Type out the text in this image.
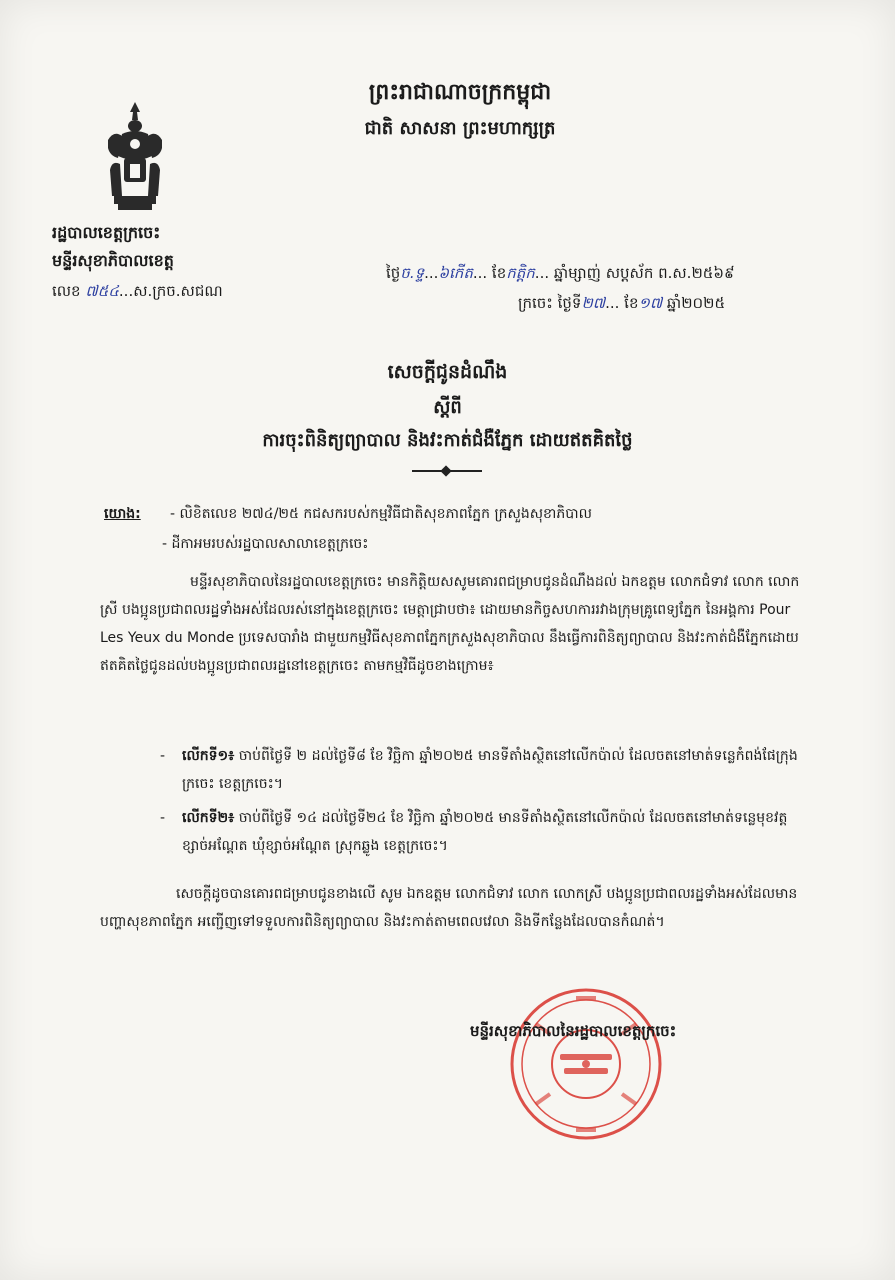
ព្រះរាជាណាចក្រកម្ពុជា
ជាតិ សាសនា ព្រះមហាក្សត្រ
រដ្ឋបាលខេត្តក្រចេះ
មន្ទីរសុខាភិបាលខេត្ត
លេខ ៧៥៤...ស.ក្រច.សជណ
ថ្ងៃច.ទ្ទ...៦កើត... ខែកត្ដិក... ឆ្នាំម្សាញ់ សប្តស័ក ព.ស.២៥៦៩
ក្រចេះ ថ្ងៃទី២៧... ខែ១៧ ឆ្នាំ២០២៥
សេចក្តីជូនដំណឹង
ស្តីពី
ការចុះពិនិត្យព្យាបាល និងវះកាត់ជំងឺភ្នែក ដោយឥតគិតថ្លៃ
យោង: - លិខិតលេខ ២៧៤/២៥ កជសករបស់កម្មវិធីជាតិសុខភាពភ្នែក ក្រសួងសុខាភិបាល
- ដីកាអមរបស់រដ្ឋបាលសាលាខេត្តក្រចេះ

មន្ទីរសុខាភិបាលនៃរដ្ឋបាលខេត្តក្រចេះ មានកិត្តិយសសូមគោរពជម្រាបជូនដំណឹងដល់ ឯកឧត្តម លោកជំទាវ លោក លោកស្រី បងប្អូនប្រជាពលរដ្ឋទាំងអស់ដែលរស់នៅក្នុងខេត្តក្រចេះ មេត្តាជ្រាបថា៖ ដោយមានកិច្ចសហការរវាងក្រុមគ្រូពេទ្យភ្នែក នៃអង្គការ Pour Les Yeux du Monde ប្រទេសបារាំង ជាមួយកម្មវិធីសុខភាពភ្នែកក្រសួងសុខាភិបាល នឹងធ្វើការពិនិត្យព្យាបាល និងវះកាត់ជំងឺភ្នែកដោយឥតគិតថ្លៃជូនដល់បងប្អូនប្រជាពលរដ្ឋនៅខេត្តក្រចេះ តាមកម្មវិធីដូចខាងក្រោម៖

- លើកទី១៖ ចាប់ពីថ្ងៃទី ២ ដល់ថ្ងៃទី៨ ខែ វិច្ឆិកា ឆ្នាំ២០២៥ មានទីតាំងស្ថិតនៅលើកប៉ាល់ ដែលចតនៅមាត់ទន្លេកំពង់ផែក្រុងក្រចេះ ខេត្តក្រចេះ។
- លើកទី២៖ ចាប់ពីថ្ងៃទី ១៤ ដល់ថ្ងៃទី២៤ ខែ វិច្ឆិកា ឆ្នាំ២០២៥ មានទីតាំងស្ថិតនៅលើកប៉ាល់ ដែលចតនៅមាត់ទន្លេមុខវត្តខ្សាច់អណ្តែត ឃុំខ្សាច់អណ្តែត ស្រុកឆ្លូង ខេត្តក្រចេះ។

សេចក្តីដូចបានគោរពជម្រាបជូនខាងលើ សូម ឯកឧត្តម លោកជំទាវ លោក លោកស្រី បងប្អូនប្រជាពលរដ្ឋទាំងអស់ដែលមានបញ្ហាសុខភាពភ្នែក អញ្ជើញទៅទទួលការពិនិត្យព្យាបាល និងវះកាត់តាមពេលវេលា និងទីកន្លែងដែលបានកំណត់។

មន្ទីរសុខាភិបាលនៃរដ្ឋបាលខេត្តក្រចេះ
